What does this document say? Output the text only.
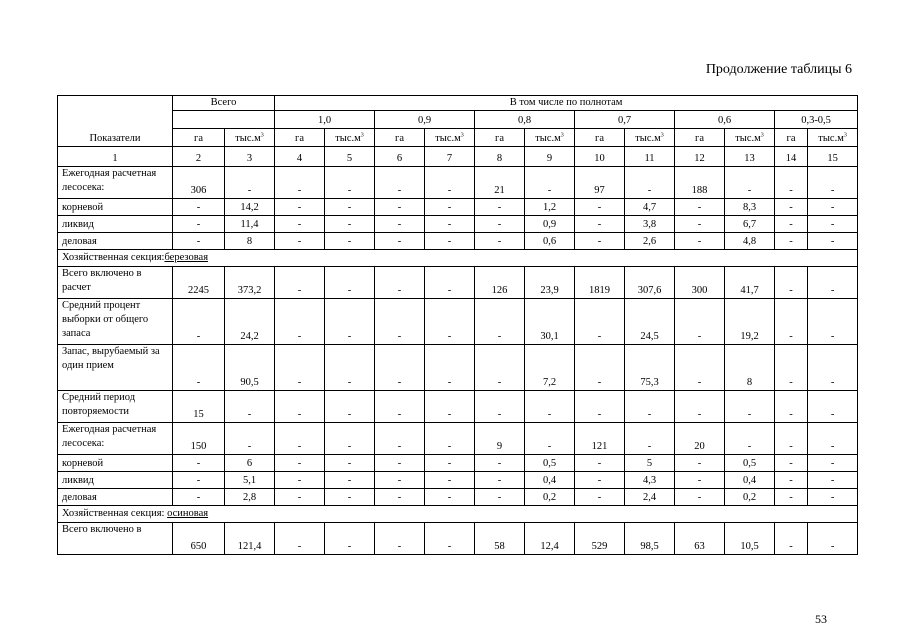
Продолжение таблицы 6
Показатели	Всего		В том числе по полнотам											
			1,0		0,9		0,8		0,7		0,6		0,3-0,5	
	га	$тыс.м^3$	га	$тыс.м^3$	га	$тыс.м^3$	га	$тыс.м^3$	га	$тыс.м^3$	га	$тыс.м^3$	га	$тыс.м^3$
1	2	3	4	5	6	7	8	9	10	11	12	13	14	15
Ежегодная расчетная лесосека:	306	-	-	-	-	-	21	-	97	-	188	-	-	-
корневой	-	14,2	-	-	-	-	-	1,2	-	4,7	-	8,3	-	-
ликвид	-	11,4	-	-	-	-	-	0,9	-	3,8	-	6,7	-	-
деловая	-	8	-	-	-	-	-	0,6	-	2,6	-	4,8	-	-
Хозяйственная секция:березовая														
Всего включено в расчет	2245	373,2	-	-	-	-	126	23,9	1819	307,6	300	41,7	-	-
Средний процент выборки от общего запаса	-	24,2	-	-	-	-	-	30,1	-	24,5	-	19,2	-	-
Запас, вырубаемый за один прием	-	90,5	-	-	-	-	-	7,2	-	75,3	-	8	-	-
Средний период повторяемости	15	-	-	-	-	-	-	-	-	-	-	-	-	-
Ежегодная расчетная лесосека:	150	-	-	-	-	-	9	-	121	-	20	-	-	-
корневой	-	6	-	-	-	-	-	0,5	-	5	-	0,5	-	-
ликвид	-	5,1	-	-	-	-	-	0,4	-	4,3	-	0,4	-	-
деловая	-	2,8	-	-	-	-	-	0,2	-	2,4	-	0,2	-	-
Хозяйственная секция: осиновая														
Всего включено в	650	121,4	-	-	-	-	58	12,4	529	98,5	63	10,5	-	-
53
